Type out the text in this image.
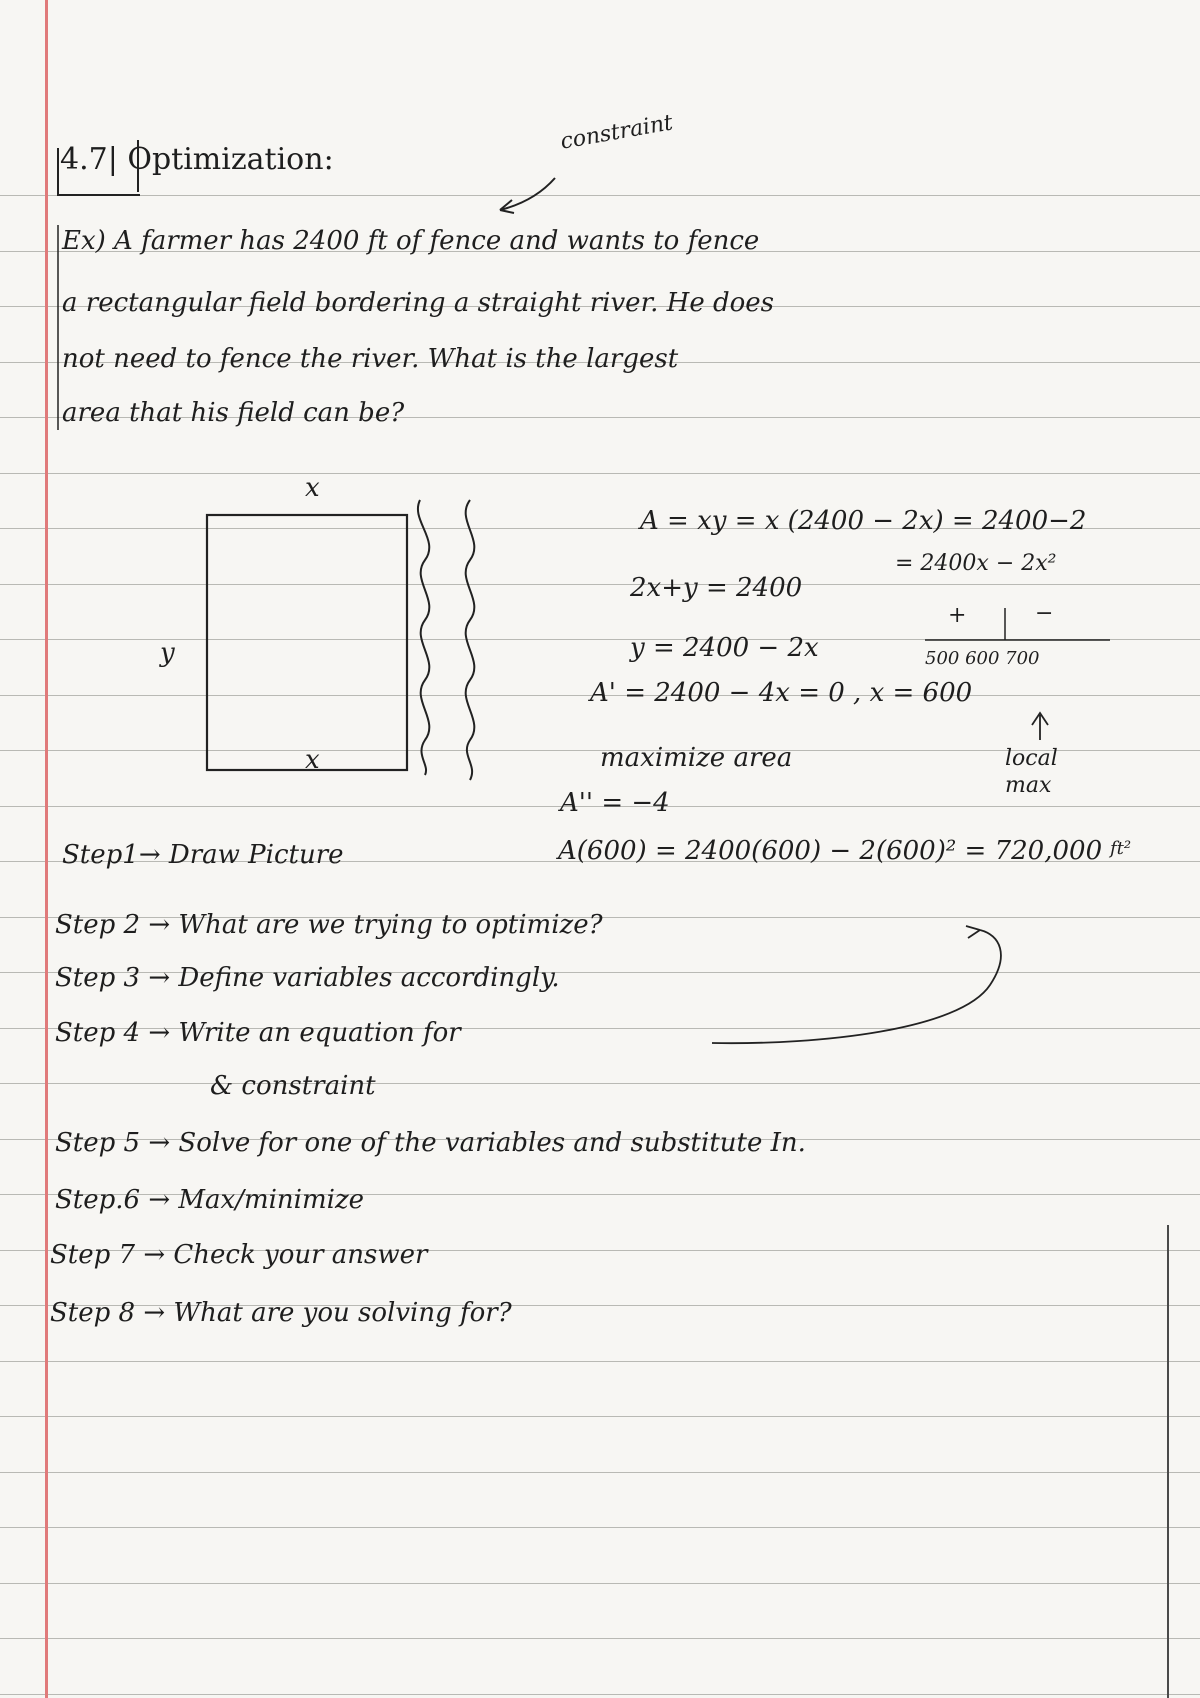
4.7| Optimization:
constraint
Ex) A farmer has 2400 ft of fence and wants to fence
a rectangular field bordering a straight river. He does
not need to fence the river. What is the largest
area that his field can be?
x
x
y
A = xy = x (2400 − 2x) = 2400−2
= 2400x − 2x²
2x+y = 2400
y = 2400 − 2x
+	−
500 600 700
A' = 2400 − 4x = 0 , x = 600
maximize area	local
max
A'' = −4
A(600) = 2400(600) − 2(600)² = 720,000 ft²
Step1→ Draw Picture
Step 2 → What are we trying to optimize?
Step 3 → Define variables accordingly.
Step 4 → Write an equation for
& constraint
Step 5 → Solve for one of the variables and substitute In.
Step.6 → Max/minimize
Step 7 → Check your answer
Step 8 → What are you solving for?
